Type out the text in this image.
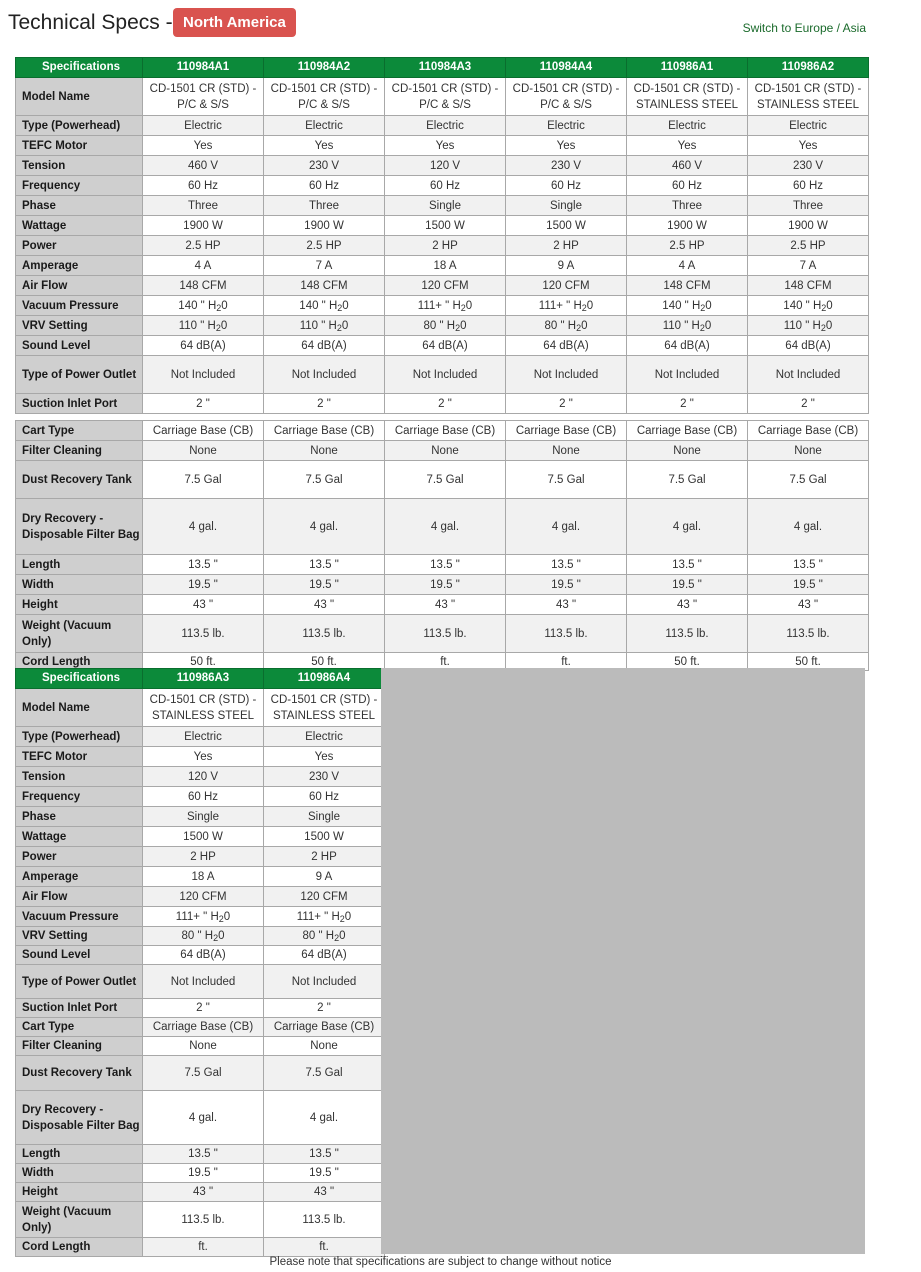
Technical Specs - North America	Switch to Europe / Asia
Specifications	110984A1	110984A2	110984A3	110984A4	110986A1	110986A2
Model Name	CD-1501 CR (STD) - P/C & S/S	CD-1501 CR (STD) - P/C & S/S	CD-1501 CR (STD) - P/C & S/S	CD-1501 CR (STD) - P/C & S/S	CD-1501 CR (STD) - STAINLESS STEEL	CD-1501 CR (STD) - STAINLESS STEEL
Type (Powerhead)	Electric	Electric	Electric	Electric	Electric	Electric
TEFC Motor	Yes	Yes	Yes	Yes	Yes	Yes
Tension	460 V	230 V	120 V	230 V	460 V	230 V
Frequency	60 Hz	60 Hz	60 Hz	60 Hz	60 Hz	60 Hz
Phase	Three	Three	Single	Single	Three	Three
Wattage	1900 W	1900 W	1500 W	1500 W	1900 W	1900 W
Power	2.5 HP	2.5 HP	2 HP	2 HP	2.5 HP	2.5 HP
Amperage	4 A	7 A	18 A	9 A	4 A	7 A
Air Flow	148 CFM	148 CFM	120 CFM	120 CFM	148 CFM	148 CFM
Vacuum Pressure	140 " $H_20$	140 " $H_20$	111+ " $H_20$	111+ " $H_20$	140 " $H_20$	140 " $H_20$
VRV Setting	110 " $H_20$	110 " $H_20$	80 " $H_20$	80 " $H_20$	110 " $H_20$	110 " $H_20$
Sound Level	64 dB(A)	64 dB(A)	64 dB(A)	64 dB(A)	64 dB(A)	64 dB(A)
Type of Power Outlet	Not Included	Not Included	Not Included	Not Included	Not Included	Not Included
Suction Inlet Port	2 "	2 "	2 "	2 "	2 "	2 "
Cart Type	Carriage Base (CB)	Carriage Base (CB)	Carriage Base (CB)	Carriage Base (CB)	Carriage Base (CB)	Carriage Base (CB)
Filter Cleaning	None	None	None	None	None	None
Dust Recovery Tank	7.5 Gal	7.5 Gal	7.5 Gal	7.5 Gal	7.5 Gal	7.5 Gal
Dry Recovery - Disposable Filter Bag	4 gal.	4 gal.	4 gal.	4 gal.	4 gal.	4 gal.
Length	13.5 "	13.5 "	13.5 "	13.5 "	13.5 "	13.5 "
Width	19.5 "	19.5 "	19.5 "	19.5 "	19.5 "	19.5 "
Height	43 "	43 "	43 "	43 "	43 "	43 "
Weight (Vacuum Only)	113.5 lb.	113.5 lb.	113.5 lb.	113.5 lb.	113.5 lb.	113.5 lb.
Cord Length	50 ft.	50 ft.	ft.	ft.	50 ft.	50 ft.
Specifications	110986A3	110986A4
Model Name	CD-1501 CR (STD) - STAINLESS STEEL	CD-1501 CR (STD) - STAINLESS STEEL
Type (Powerhead)	Electric	Electric
TEFC Motor	Yes	Yes
Tension	120 V	230 V
Frequency	60 Hz	60 Hz
Phase	Single	Single
Wattage	1500 W	1500 W
Power	2 HP	2 HP
Amperage	18 A	9 A
Air Flow	120 CFM	120 CFM
Vacuum Pressure	111+ " $H_20$	111+ " $H_20$
VRV Setting	80 " $H_20$	80 " $H_20$
Sound Level	64 dB(A)	64 dB(A)
Type of Power Outlet	Not Included	Not Included
Suction Inlet Port	2 "	2 "
Cart Type	Carriage Base (CB)	Carriage Base (CB)
Filter Cleaning	None	None
Dust Recovery Tank	7.5 Gal	7.5 Gal
Dry Recovery - Disposable Filter Bag	4 gal.	4 gal.
Length	13.5 "	13.5 "
Width	19.5 "	19.5 "
Height	43 "	43 "
Weight (Vacuum Only)	113.5 lb.	113.5 lb.
Cord Length	ft.	ft.
Please note that specifications are subject to change without notice
